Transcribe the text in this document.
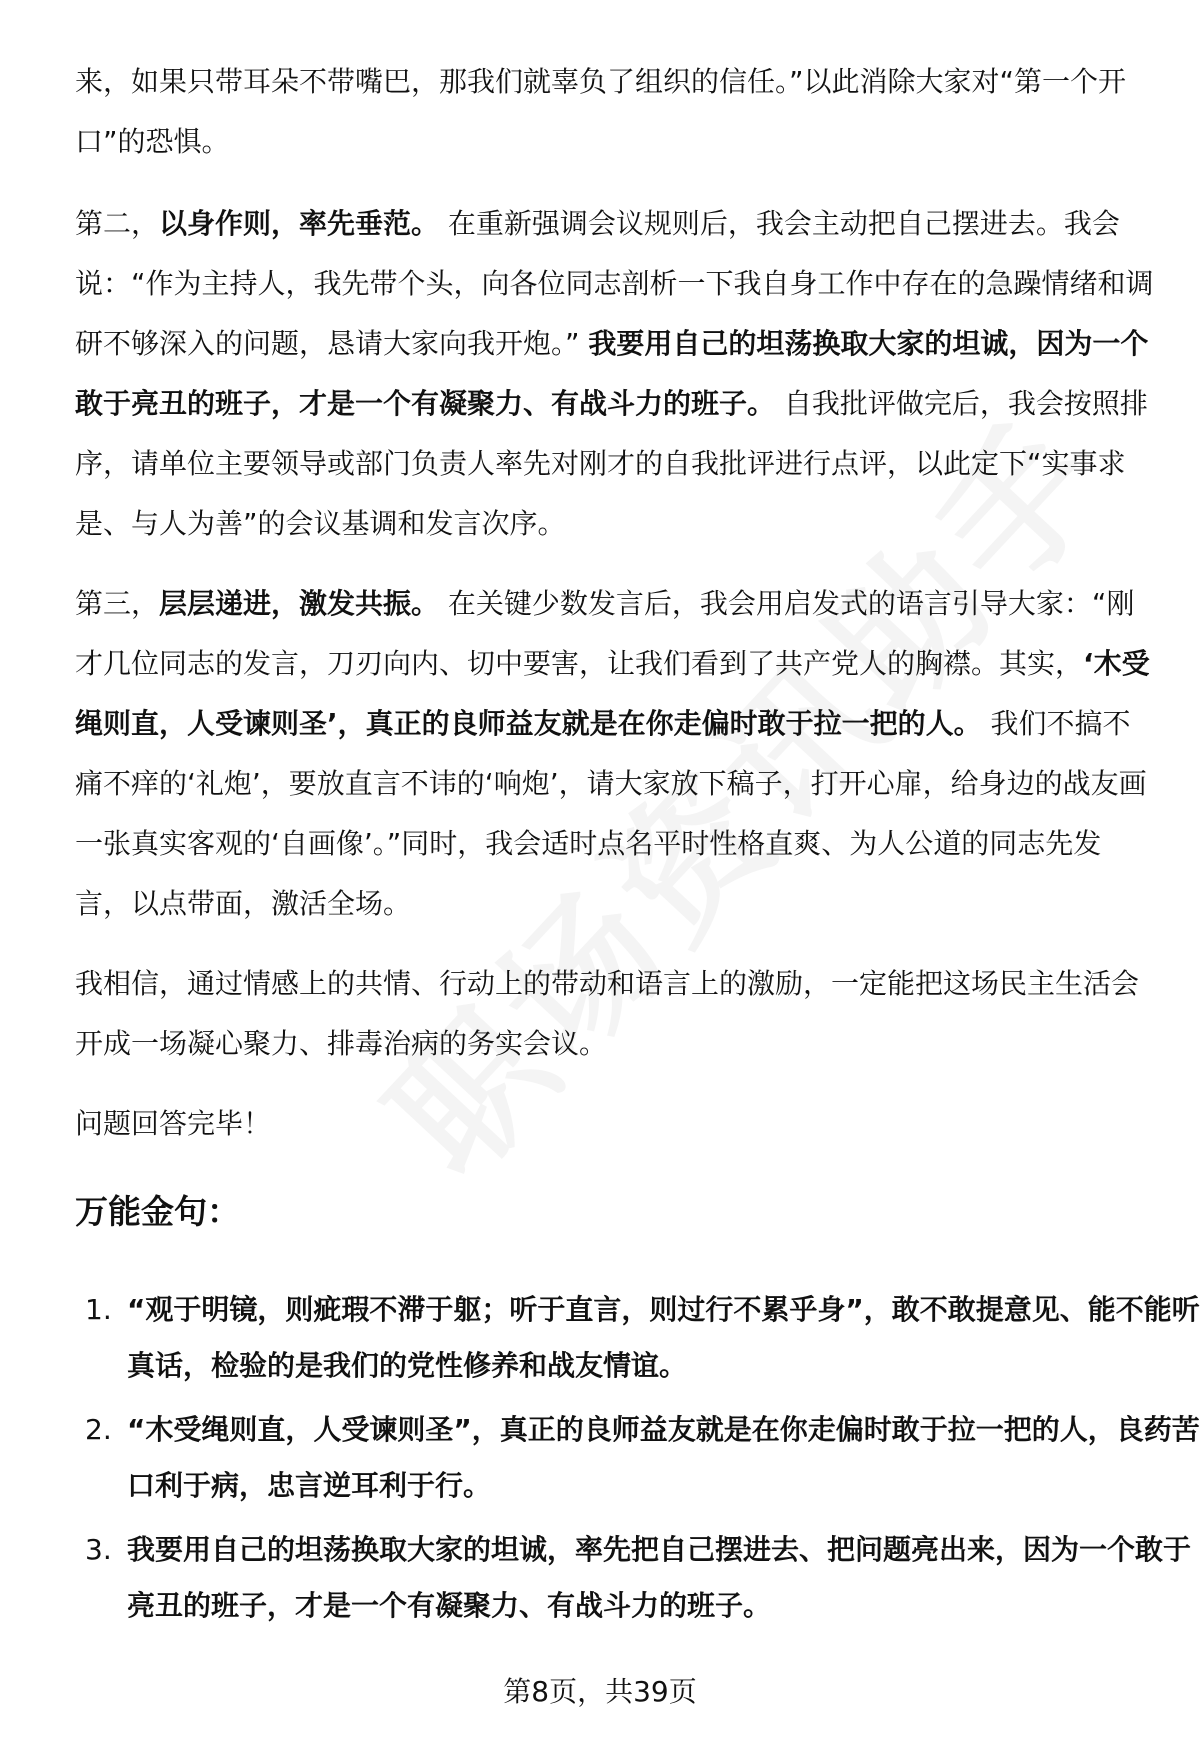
来，如果只带耳朵不带嘴巴，那我们就辜负了组织的信任。”以此消除大家对“第一个开口”的恐惧。

第二，以身作则，率先垂范。 在重新强调会议规则后，我会主动把自己摆进去。我会说：“作为主持人，我先带个头，向各位同志剖析一下我自身工作中存在的急躁情绪和调研不够深入的问题，恳请大家向我开炮。” 我要用自己的坦荡换取大家的坦诚，因为一个敢于亮丑的班子，才是一个有凝聚力、有战斗力的班子。 自我批评做完后，我会按照排序，请单位主要领导或部门负责人率先对刚才的自我批评进行点评，以此定下“实事求是、与人为善”的会议基调和发言次序。

第三，层层递进，激发共振。 在关键少数发言后，我会用启发式的语言引导大家：“刚才几位同志的发言，刀刃向内、切中要害，让我们看到了共产党人的胸襟。其实，‘木受绳则直，人受谏则圣’，真正的良师益友就是在你走偏时敢于拉一把的人。 我们不搞不痛不痒的‘礼炮’，要放直言不讳的‘响炮’，请大家放下稿子，打开心扉，给身边的战友画一张真实客观的‘自画像’。”同时，我会适时点名平时性格直爽、为人公道的同志先发言，以点带面，激活全场。

我相信，通过情感上的共情、行动上的带动和语言上的激励，一定能把这场民主生活会开成一场凝心聚力、排毒治病的务实会议。

问题回答完毕！

万能金句：
1. “观于明镜，则疵瑕不滞于躯；听于直言，则过行不累乎身”，敢不敢提意见、能不能听真话，检验的是我们的党性修养和战友情谊。
2. “木受绳则直，人受谏则圣”，真正的良师益友就是在你走偏时敢于拉一把的人，良药苦口利于病，忠言逆耳利于行。
3. 我要用自己的坦荡换取大家的坦诚，率先把自己摆进去、把问题亮出来，因为一个敢于亮丑的班子，才是一个有凝聚力、有战斗力的班子。
第8页，共39页
